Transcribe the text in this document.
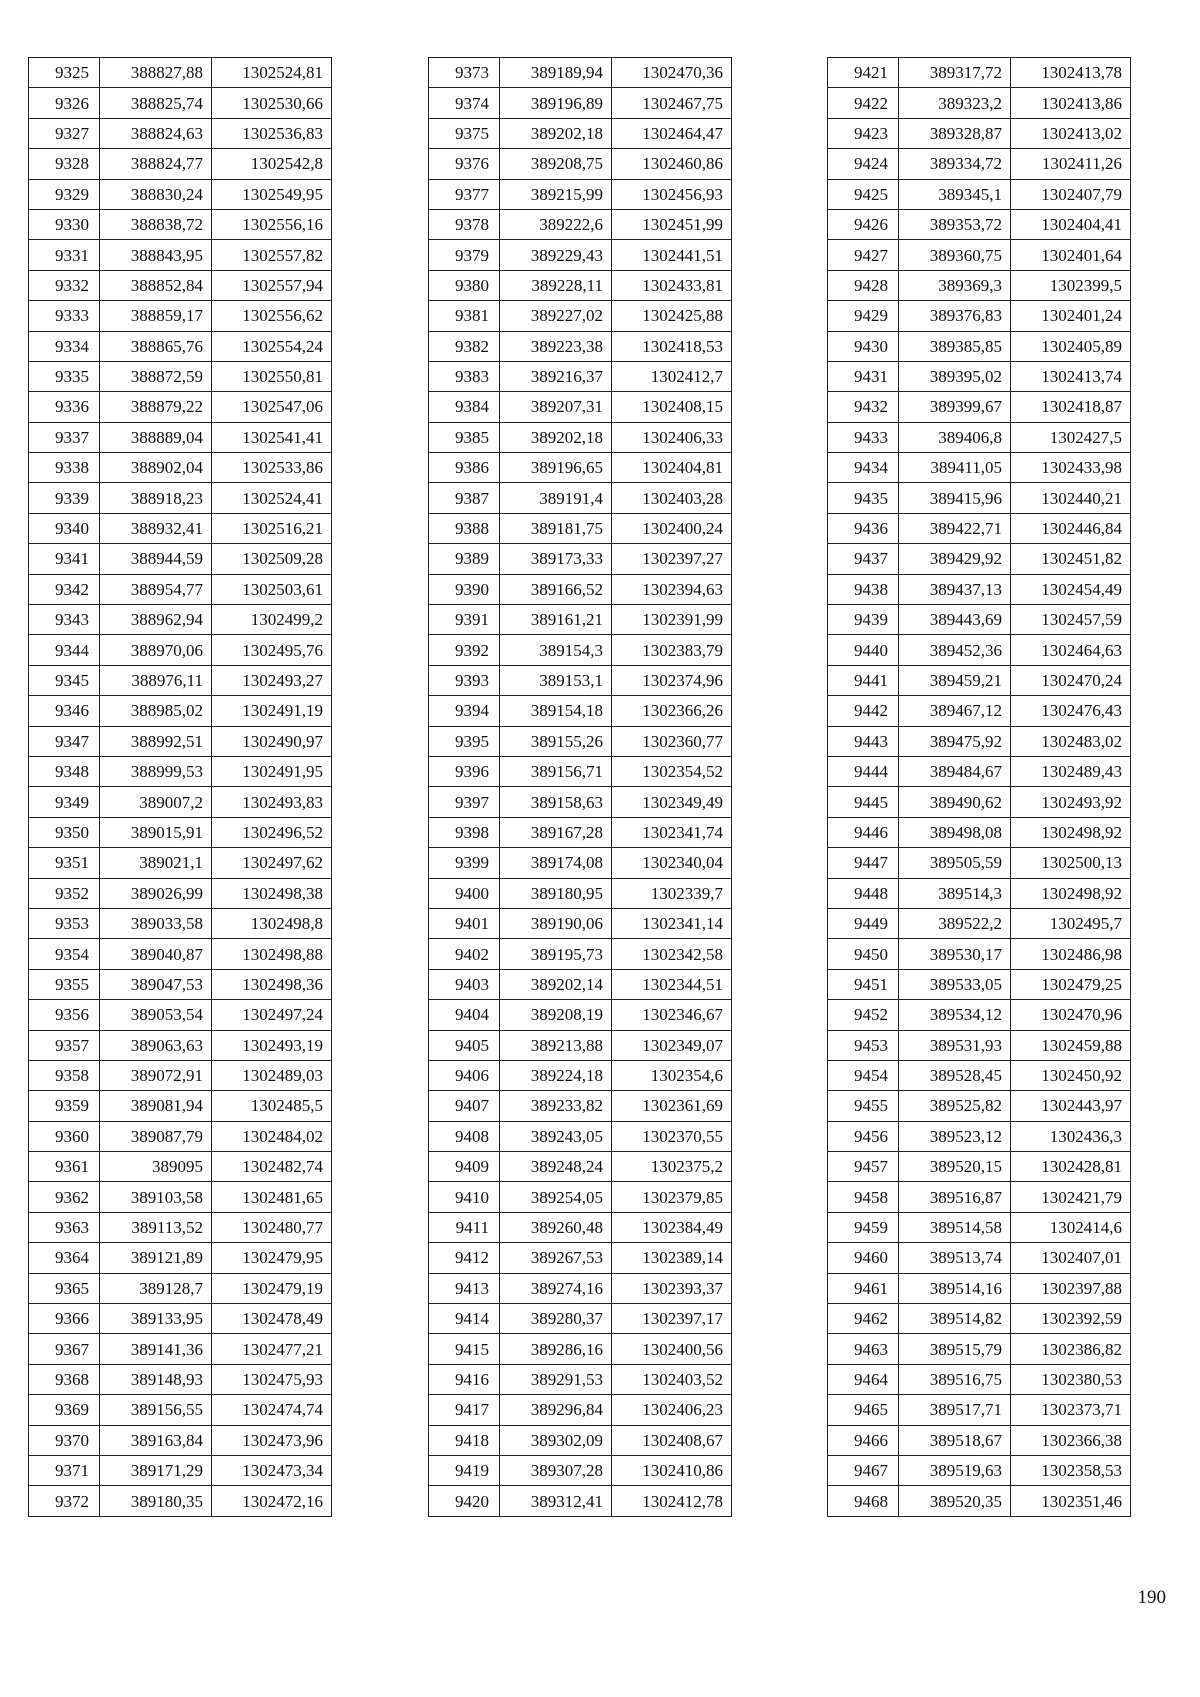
9325	388827,88	1302524,81
9326	388825,74	1302530,66
9327	388824,63	1302536,83
9328	388824,77	1302542,8
9329	388830,24	1302549,95
9330	388838,72	1302556,16
9331	388843,95	1302557,82
9332	388852,84	1302557,94
9333	388859,17	1302556,62
9334	388865,76	1302554,24
9335	388872,59	1302550,81
9336	388879,22	1302547,06
9337	388889,04	1302541,41
9338	388902,04	1302533,86
9339	388918,23	1302524,41
9340	388932,41	1302516,21
9341	388944,59	1302509,28
9342	388954,77	1302503,61
9343	388962,94	1302499,2
9344	388970,06	1302495,76
9345	388976,11	1302493,27
9346	388985,02	1302491,19
9347	388992,51	1302490,97
9348	388999,53	1302491,95
9349	389007,2	1302493,83
9350	389015,91	1302496,52
9351	389021,1	1302497,62
9352	389026,99	1302498,38
9353	389033,58	1302498,8
9354	389040,87	1302498,88
9355	389047,53	1302498,36
9356	389053,54	1302497,24
9357	389063,63	1302493,19
9358	389072,91	1302489,03
9359	389081,94	1302485,5
9360	389087,79	1302484,02
9361	389095	1302482,74
9362	389103,58	1302481,65
9363	389113,52	1302480,77
9364	389121,89	1302479,95
9365	389128,7	1302479,19
9366	389133,95	1302478,49
9367	389141,36	1302477,21
9368	389148,93	1302475,93
9369	389156,55	1302474,74
9370	389163,84	1302473,96
9371	389171,29	1302473,34
9372	389180,35	1302472,16
9373	389189,94	1302470,36
9374	389196,89	1302467,75
9375	389202,18	1302464,47
9376	389208,75	1302460,86
9377	389215,99	1302456,93
9378	389222,6	1302451,99
9379	389229,43	1302441,51
9380	389228,11	1302433,81
9381	389227,02	1302425,88
9382	389223,38	1302418,53
9383	389216,37	1302412,7
9384	389207,31	1302408,15
9385	389202,18	1302406,33
9386	389196,65	1302404,81
9387	389191,4	1302403,28
9388	389181,75	1302400,24
9389	389173,33	1302397,27
9390	389166,52	1302394,63
9391	389161,21	1302391,99
9392	389154,3	1302383,79
9393	389153,1	1302374,96
9394	389154,18	1302366,26
9395	389155,26	1302360,77
9396	389156,71	1302354,52
9397	389158,63	1302349,49
9398	389167,28	1302341,74
9399	389174,08	1302340,04
9400	389180,95	1302339,7
9401	389190,06	1302341,14
9402	389195,73	1302342,58
9403	389202,14	1302344,51
9404	389208,19	1302346,67
9405	389213,88	1302349,07
9406	389224,18	1302354,6
9407	389233,82	1302361,69
9408	389243,05	1302370,55
9409	389248,24	1302375,2
9410	389254,05	1302379,85
9411	389260,48	1302384,49
9412	389267,53	1302389,14
9413	389274,16	1302393,37
9414	389280,37	1302397,17
9415	389286,16	1302400,56
9416	389291,53	1302403,52
9417	389296,84	1302406,23
9418	389302,09	1302408,67
9419	389307,28	1302410,86
9420	389312,41	1302412,78
9421	389317,72	1302413,78
9422	389323,2	1302413,86
9423	389328,87	1302413,02
9424	389334,72	1302411,26
9425	389345,1	1302407,79
9426	389353,72	1302404,41
9427	389360,75	1302401,64
9428	389369,3	1302399,5
9429	389376,83	1302401,24
9430	389385,85	1302405,89
9431	389395,02	1302413,74
9432	389399,67	1302418,87
9433	389406,8	1302427,5
9434	389411,05	1302433,98
9435	389415,96	1302440,21
9436	389422,71	1302446,84
9437	389429,92	1302451,82
9438	389437,13	1302454,49
9439	389443,69	1302457,59
9440	389452,36	1302464,63
9441	389459,21	1302470,24
9442	389467,12	1302476,43
9443	389475,92	1302483,02
9444	389484,67	1302489,43
9445	389490,62	1302493,92
9446	389498,08	1302498,92
9447	389505,59	1302500,13
9448	389514,3	1302498,92
9449	389522,2	1302495,7
9450	389530,17	1302486,98
9451	389533,05	1302479,25
9452	389534,12	1302470,96
9453	389531,93	1302459,88
9454	389528,45	1302450,92
9455	389525,82	1302443,97
9456	389523,12	1302436,3
9457	389520,15	1302428,81
9458	389516,87	1302421,79
9459	389514,58	1302414,6
9460	389513,74	1302407,01
9461	389514,16	1302397,88
9462	389514,82	1302392,59
9463	389515,79	1302386,82
9464	389516,75	1302380,53
9465	389517,71	1302373,71
9466	389518,67	1302366,38
9467	389519,63	1302358,53
9468	389520,35	1302351,46
190
